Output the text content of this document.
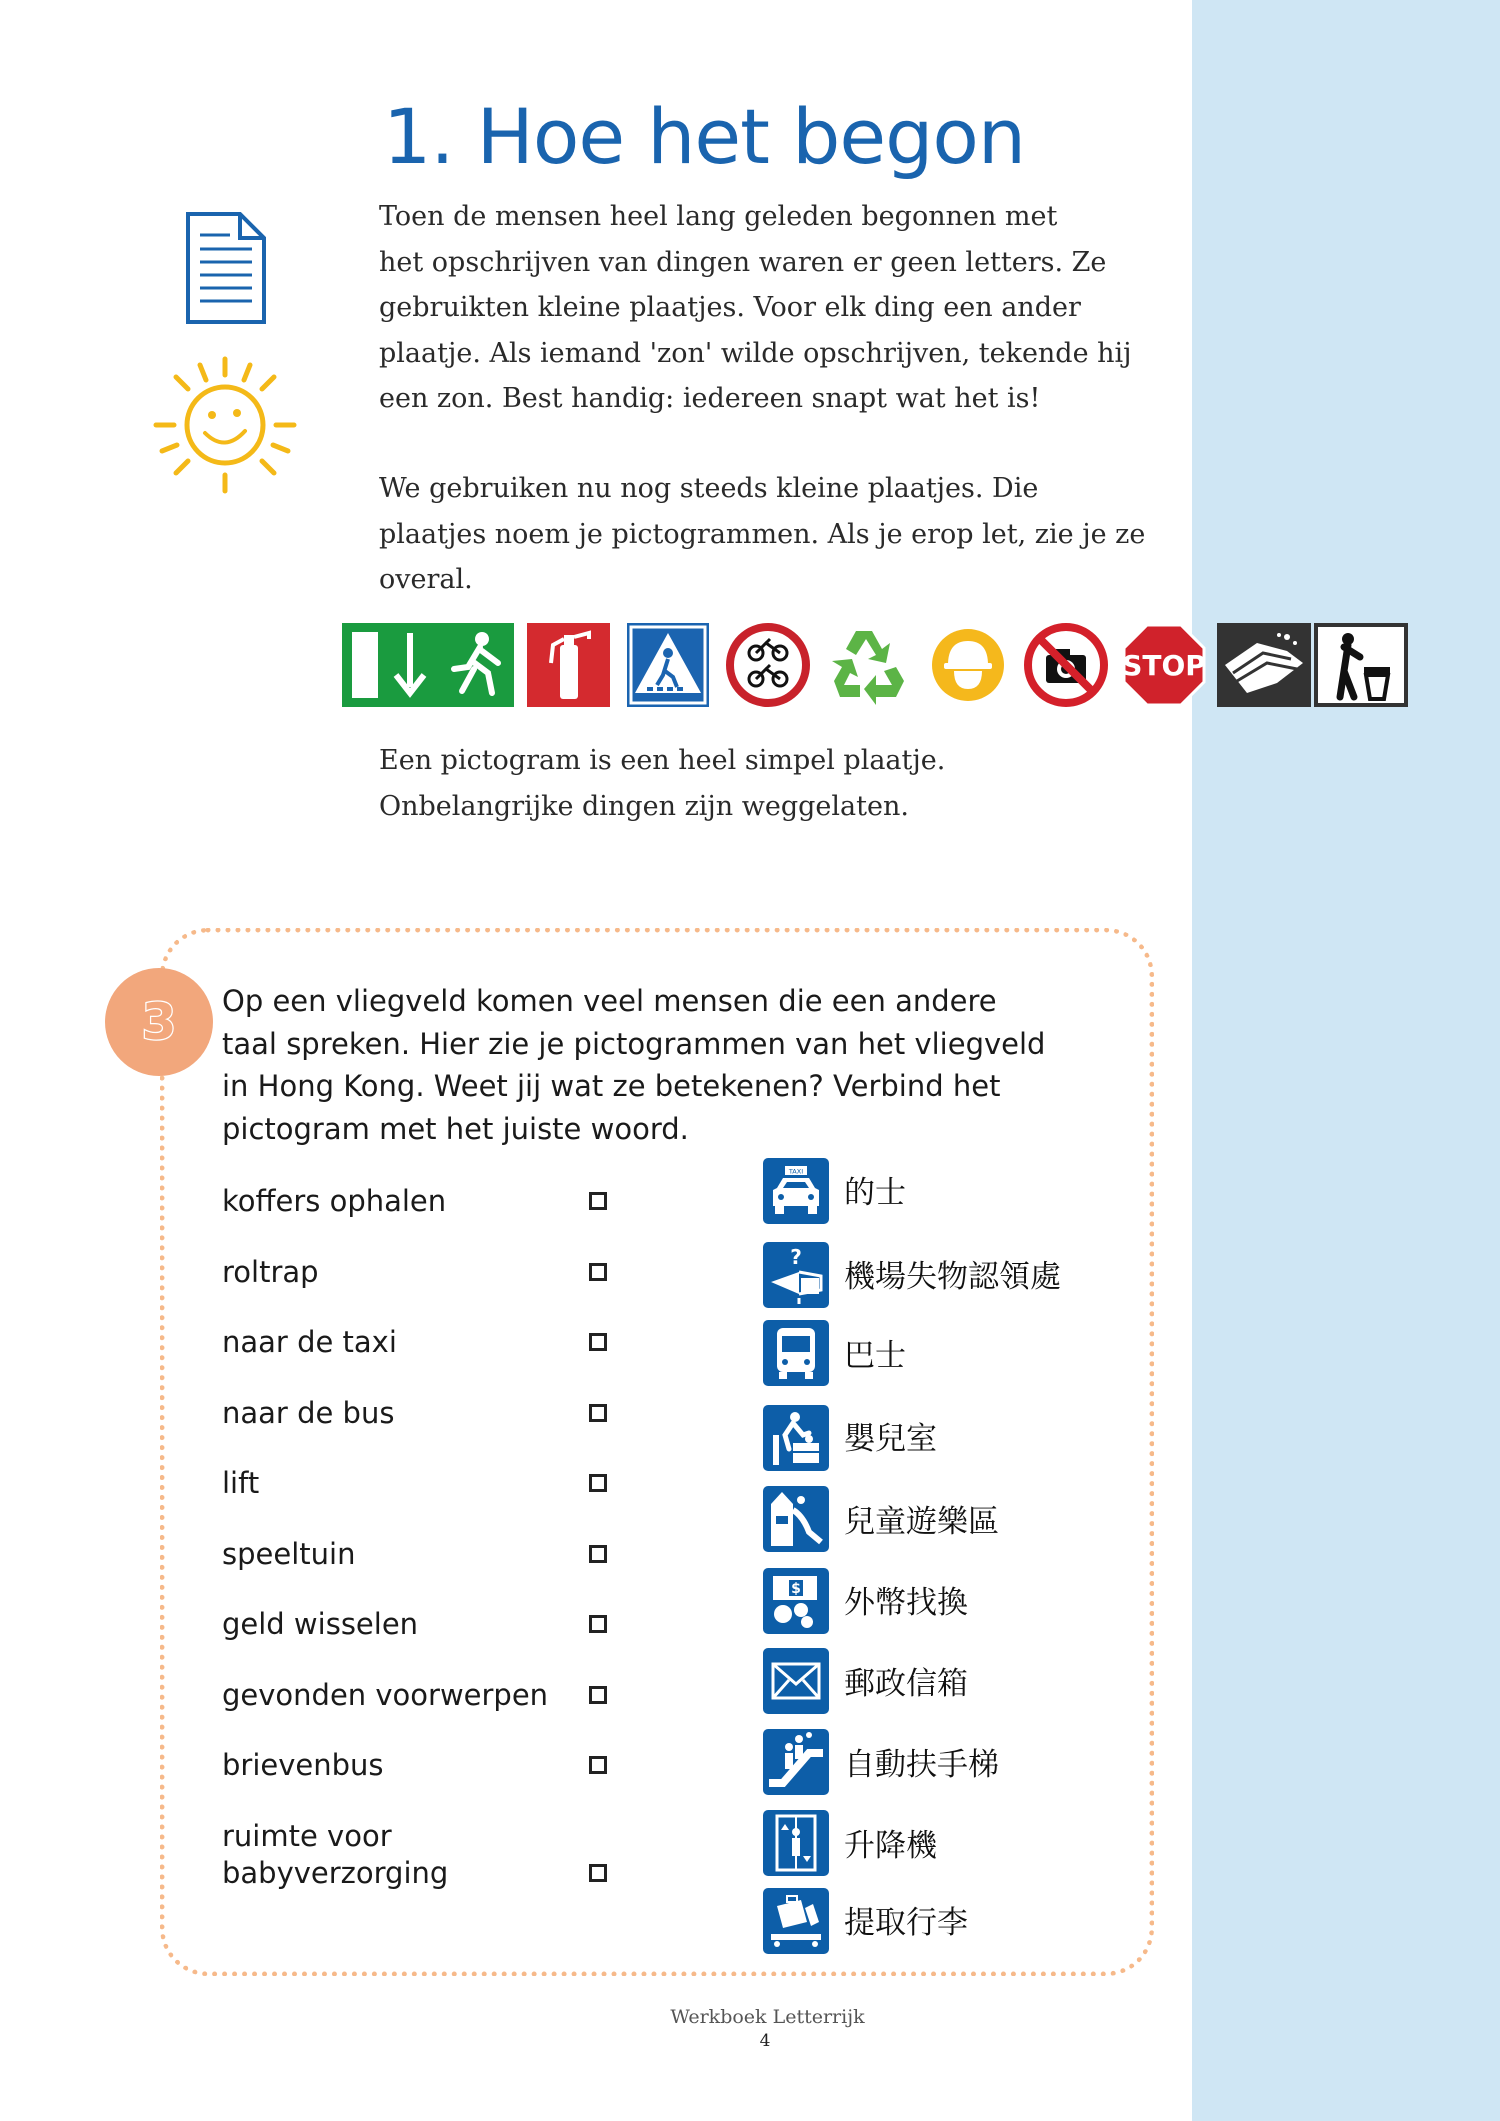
1. Hoe het begon

Toen de mensen heel lang geleden begonnen met
het opschrijven van dingen waren er geen letters. Ze
gebruikten kleine plaatjes. Voor elk ding een ander
plaatje. Als iemand 'zon' wilde opschrijven, tekende hij
een zon. Best handig: iedereen snapt wat het is!

We gebruiken nu nog steeds kleine plaatjes. Die
plaatjes noem je pictogrammen. Als je erop let, zie je ze
overal.

STOP

Een pictogram is een heel simpel plaatje.
Onbelangrijke dingen zijn weggelaten.

3 Op een vliegveld komen veel mensen die een andere
taal spreken. Hier zie je pictogrammen van het vliegveld
in Hong Kong. Weet jij wat ze betekenen? Verbind het
pictogram met het juiste woord.

koffers ophalen
roltrap
naar de taxi
naar de bus
lift
speeltuin
geld wisselen
gevonden voorwerpen
brievenbus
ruimte voor
babyverzorging
TAXI
的士
?
機場失物認領處
巴士
嬰兒室
兒童遊樂區
$ 外幣找換
郵政信箱
自動扶手梯
升降機
提取行李
Werkboek Letterrijk
4
